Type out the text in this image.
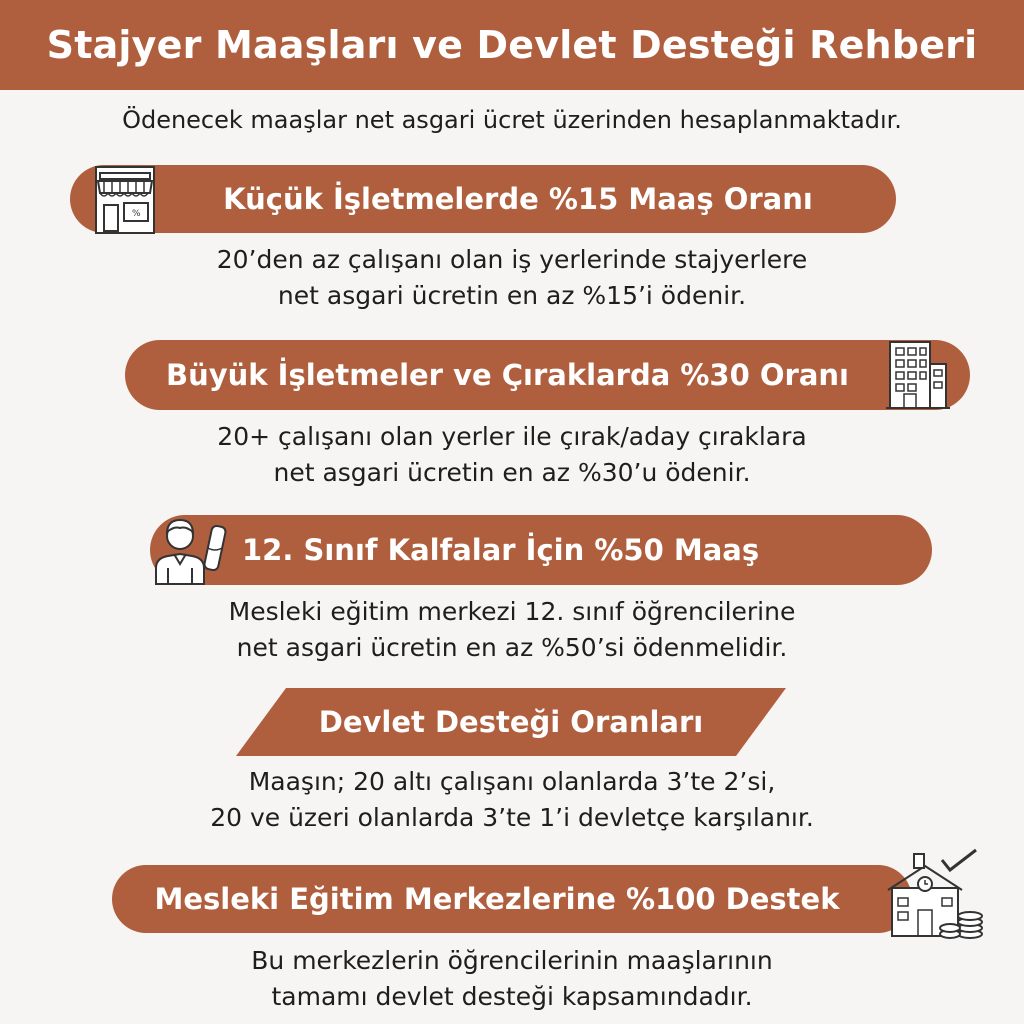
Stajyer Maaşları ve Devlet Desteği Rehberi
Ödenecek maaşlar net asgari ücret üzerinden hesaplanmaktadır.
Küçük İşletmelerde %15 Maaş Oranı
%
20’den az çalışanı olan iş yerlerinde stajyerlere
net asgari ücretin en az %15’i ödenir.
Büyük İşletmeler ve Çıraklarda %30 Oranı
20+ çalışanı olan yerler ile çırak/aday çıraklara
net asgari ücretin en az %30’u ödenir.
12. Sınıf Kalfalar İçin %50 Maaş
Mesleki eğitim merkezi 12. sınıf öğrencilerine
net asgari ücretin en az %50’si ödenmelidir.
Devlet Desteği Oranları
Maaşın; 20 altı çalışanı olanlarda 3’te 2’si,
20 ve üzeri olanlarda 3’te 1’i devletçe karşılanır.
Mesleki Eğitim Merkezlerine %100 Destek
Bu merkezlerin öğrencilerinin maaşlarının
tamamı devlet desteği kapsamındadır.
